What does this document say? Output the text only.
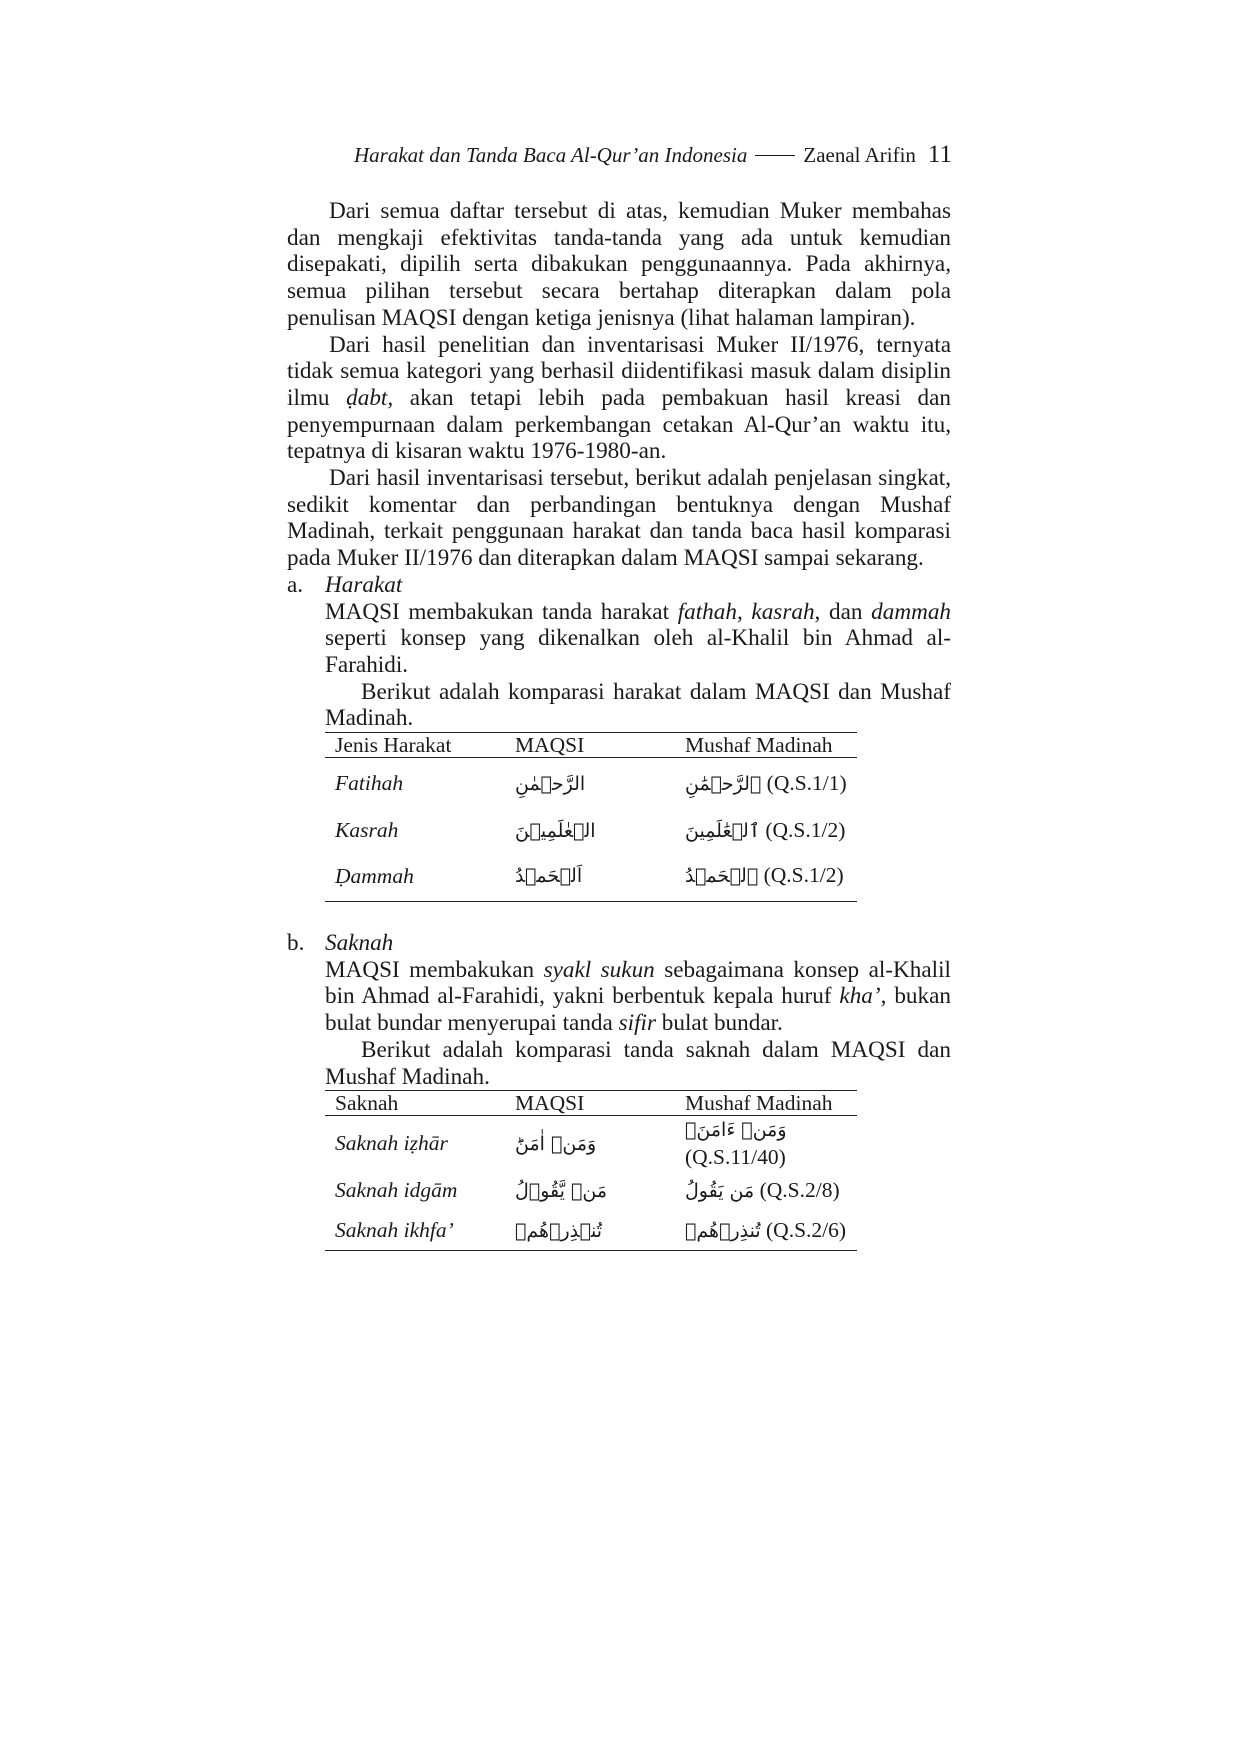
Harakat dan Tanda Baca Al-Qur’an Indonesia	Zaenal Arifin 11

Dari semua daftar tersebut di atas, kemudian Muker membahas dan mengkaji efektivitas tanda-tanda yang ada untuk kemudian disepakati, dipilih serta dibakukan penggunaannya. Pada akhirnya, semua pilihan tersebut secara bertahap diterapkan dalam pola penulisan MAQSI dengan ketiga jenisnya (lihat halaman lampiran).

Dari hasil penelitian dan inventarisasi Muker II/1976, ternyata tidak semua kategori yang berhasil diidentifikasi masuk dalam disiplin ilmu ḍabt, akan tetapi lebih pada pembakuan hasil kreasi dan penyempurnaan dalam perkembangan cetakan Al-Qur’an waktu itu, tepatnya di kisaran waktu 1976-1980-an.

Dari hasil inventarisasi tersebut, berikut adalah penjelasan singkat, sedikit komentar dan perbandingan bentuknya dengan Mushaf Madinah, terkait penggunaan harakat dan tanda baca hasil komparasi pada Muker II/1976 dan diterapkan dalam MAQSI sampai sekarang.

a. Harakat

MAQSI membakukan tanda harakat fathah, kasrah, dan dammah seperti konsep yang dikenalkan oleh al-Khalil bin Ahmad al-Farahidi.

Berikut adalah komparasi harakat dalam MAQSI dan Mushaf Madinah.

Jenis Harakat	MAQSI	Mushaf Madinah
Fatihah	الرَّحۡمٰنِ	ٱلرَّحۡمَٰنِ (Q.S.1/1)
Kasrah	الۡعٰلَمِيۡنَ	ٱلۡعَٰلَمِينَ (Q.S.1/2)
Ḍammah	اَلۡحَمۡدُ	ٱلۡحَمۡدُ (Q.S.1/2)
b. Saknah

MAQSI membakukan syakl sukun sebagaimana konsep al-Khalil bin Ahmad al-Farahidi, yakni berbentuk kepala huruf kha’, bukan bulat bundar menyerupai tanda sifir bulat bundar.

Berikut adalah komparasi tanda saknah dalam MAQSI dan Mushaf Madinah.

Saknah	MAQSI	Mushaf Madinah
Saknah iẓhār	وَمَنۡ اٰمَنَؕ	وَمَنۡ ءَامَنَۚ (Q.S.11/40)
Saknah idgām	مَنۡ يَّقُوۡلُ	مَن يَقُولُ (Q.S.2/8)
Saknah ikhfa’	تُنۡذِرۡهُمۡ	تُنذِرۡهُمۡ (Q.S.2/6)
